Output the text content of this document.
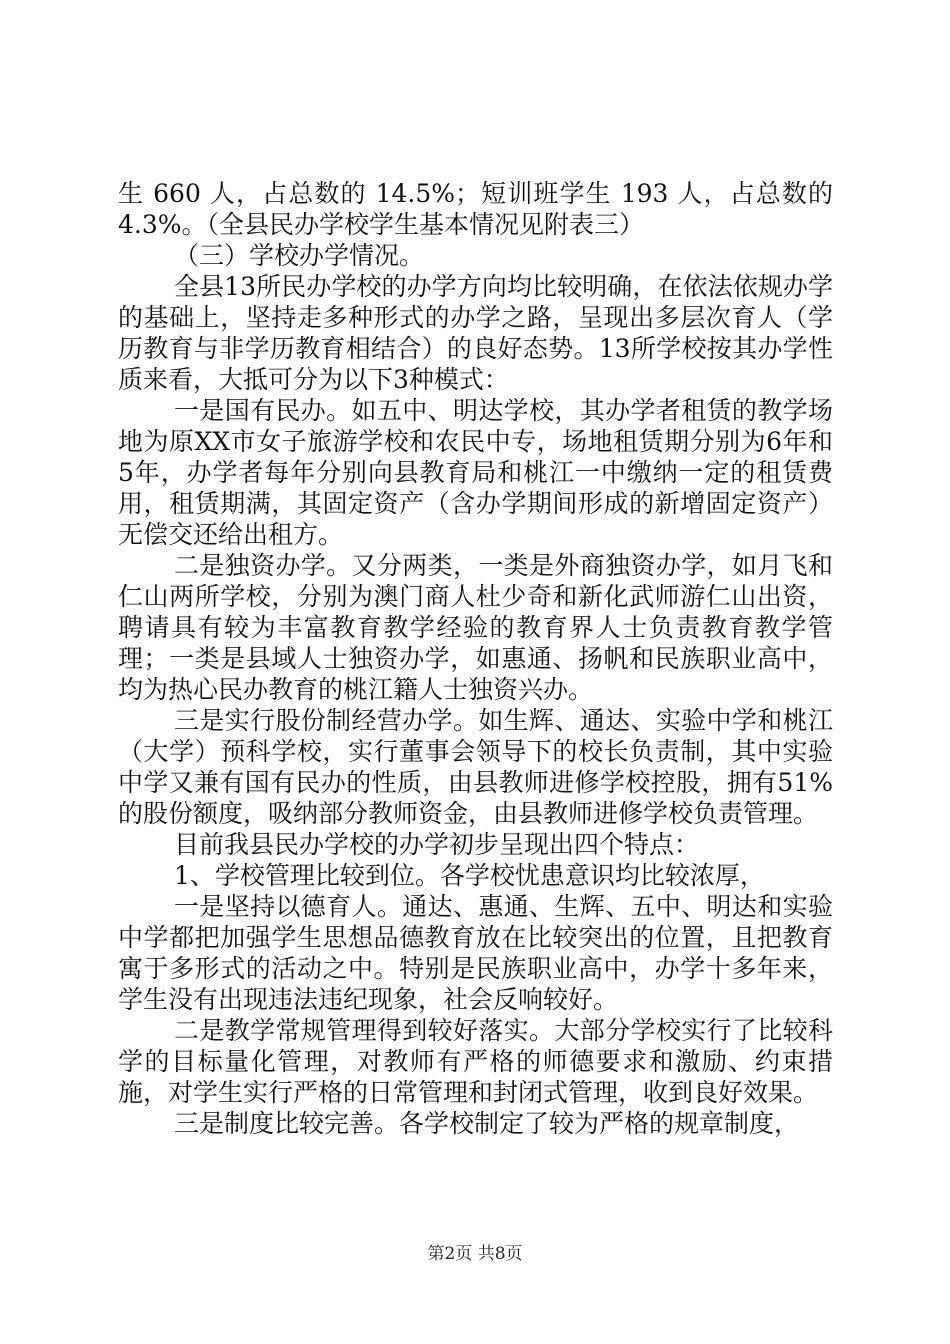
生 660 人，占总数的 14.5%；短训班学生 193 人，占总数的 4.3%。（全县民办学校学生基本情况见附表三）

（三）学校办学情况。

全县13所民办学校的办学方向均比较明确，在依法依规办学的基础上，坚持走多种形式的办学之路，呈现出多层次育人（学历教育与非学历教育相结合）的良好态势。13所学校按其办学性质来看，大抵可分为以下3种模式：

一是国有民办。如五中、明达学校，其办学者租赁的教学场地为原XX市女子旅游学校和农民中专，场地租赁期分别为6年和5年，办学者每年分别向县教育局和桃江一中缴纳一定的租赁费用，租赁期满，其固定资产（含办学期间形成的新增固定资产）无偿交还给出租方。

二是独资办学。又分两类，一类是外商独资办学，如月飞和仁山两所学校，分别为澳门商人杜少奇和新化武师游仁山出资，聘请具有较为丰富教育教学经验的教育界人士负责教育教学管理；一类是县域人士独资办学，如惠通、扬帆和民族职业高中，均为热心民办教育的桃江籍人士独资兴办。

三是实行股份制经营办学。如生辉、通达、实验中学和桃江（大学）预科学校，实行董事会领导下的校长负责制，其中实验中学又兼有国有民办的性质，由县教师进修学校控股，拥有51%的股份额度，吸纳部分教师资金，由县教师进修学校负责管理。

目前我县民办学校的办学初步呈现出四个特点：

1、学校管理比较到位。各学校忧患意识均比较浓厚，

一是坚持以德育人。通达、惠通、生辉、五中、明达和实验中学都把加强学生思想品德教育放在比较突出的位置，且把教育寓于多形式的活动之中。特别是民族职业高中，办学十多年来，学生没有出现违法违纪现象，社会反响较好。

二是教学常规管理得到较好落实。大部分学校实行了比较科学的目标量化管理，对教师有严格的师德要求和激励、约束措施，对学生实行严格的日常管理和封闭式管理，收到良好效果。

三是制度比较完善。各学校制定了较为严格的规章制度，

第2页 共8页
